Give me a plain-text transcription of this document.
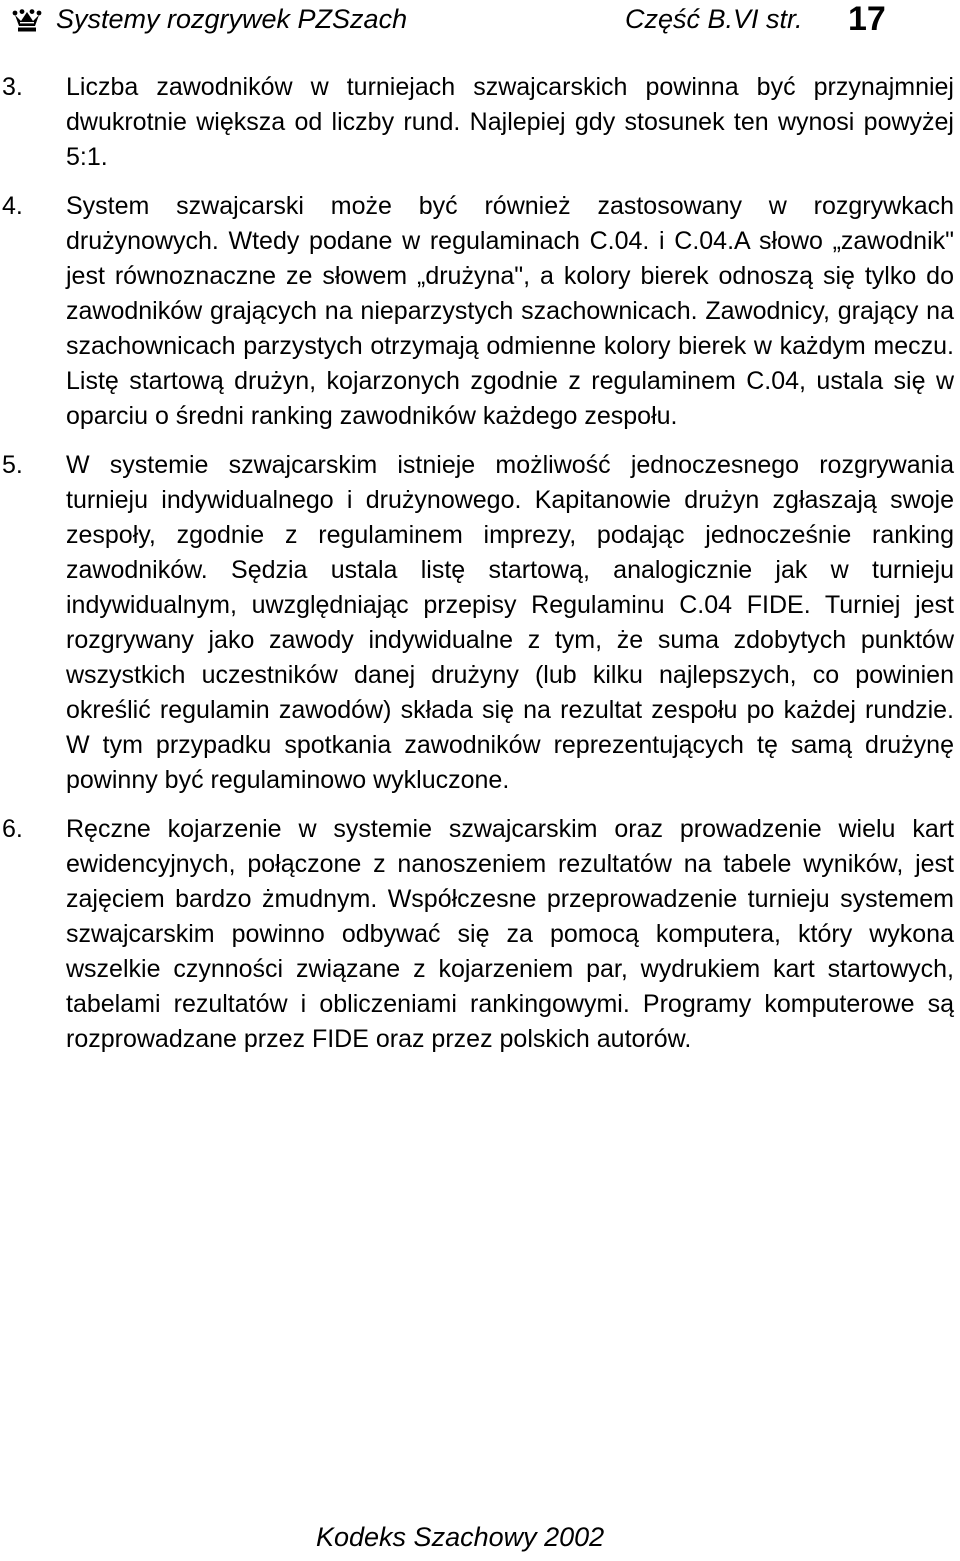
Systemy rozgrywek PZSzach	Część B.VI str. 17
3. Liczba zawodników w turniejach szwajcarskich powinna być przynajmniej dwukrotnie większa od liczby rund. Najlepiej gdy stosunek ten wynosi powyżej 5:1.
4. System szwajcarski może być również zastosowany w rozgrywkach drużynowych. Wtedy podane w regulaminach C.04. i C.04.A słowo „zawodnik" jest równoznaczne ze słowem „drużyna", a kolory bierek odnoszą się tylko do zawodników grających na nieparzystych szachownicach. Zawodnicy, grający na szachownicach parzystych otrzymają odmienne kolory bierek w każdym meczu. Listę startową drużyn, kojarzonych zgodnie z regulaminem C.04, ustala się w oparciu o średni ranking zawodników każdego zespołu.
5. W systemie szwajcarskim istnieje możliwość jednoczesnego rozgrywania turnieju indywidualnego i drużynowego. Kapitanowie drużyn zgłaszają swoje zespoły, zgodnie z regulaminem imprezy, podając jednocześnie ranking zawodników. Sędzia ustala listę startową, analogicznie jak w turnieju indywidualnym, uwzględniając przepisy Regulaminu C.04 FIDE. Turniej jest rozgrywany jako zawody indywidualne z tym, że suma zdobytych punktów wszystkich uczestników danej drużyny (lub kilku najlepszych, co powinien określić regulamin zawodów) składa się na rezultat zespołu po każdej rundzie. W tym przypadku spotkania zawodników reprezentujących tę samą drużynę powinny być regulaminowo wykluczone.
6. Ręczne kojarzenie w systemie szwajcarskim oraz prowadzenie wielu kart ewidencyjnych, połączone z nanoszeniem rezultatów na tabele wyników, jest zajęciem bardzo żmudnym. Współczesne przeprowadzenie turnieju systemem szwajcarskim powinno odbywać się za pomocą komputera, który wykona wszelkie czynności związane z kojarzeniem par, wydrukiem kart startowych, tabelami rezultatów i obliczeniami rankingowymi. Programy komputerowe są rozprowadzane przez FIDE oraz przez polskich autorów.
Kodeks Szachowy 2002
